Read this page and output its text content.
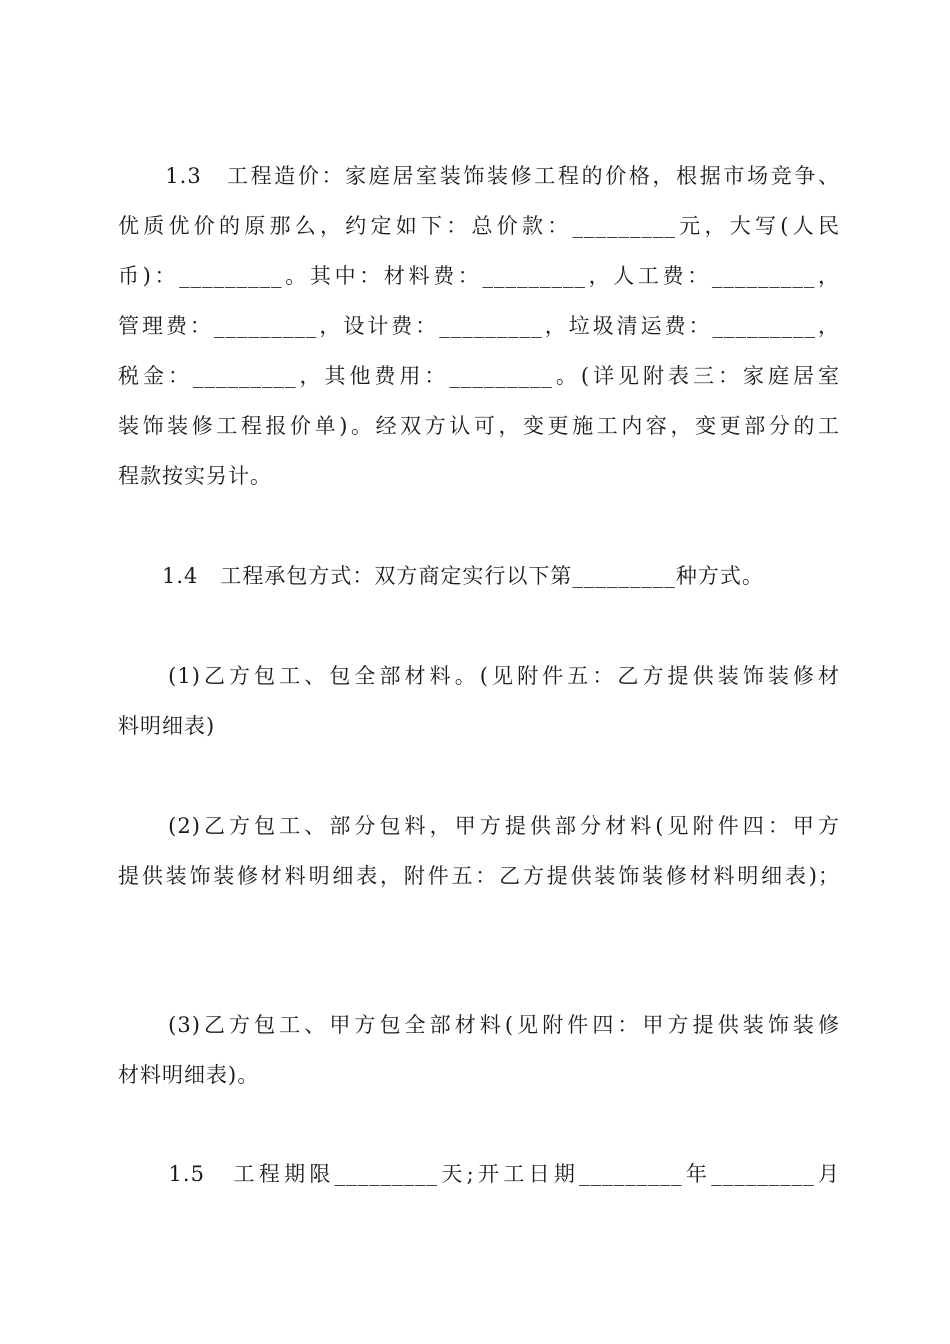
　　1.3　工程造价：家庭居室装饰装修工程的价格，根据市场竞争、
优质优价的原那么，约定如下：总价款：_________元，大写(人民
币)：_________。其中：材料费：_________，人工费：_________，
管理费：_________，设计费：_________，垃圾清运费：_________，
税金：_________，其他费用：_________。(详见附表三：家庭居室
装饰装修工程报价单)。经双方认可，变更施工内容，变更部分的工
程款按实另计。
　　1.4　工程承包方式：双方商定实行以下第_________种方式。
　　(1)乙方包工、包全部材料。(见附件五：乙方提供装饰装修材
料明细表)
　　(2)乙方包工、部分包料，甲方提供部分材料(见附件四：甲方
提供装饰装修材料明细表，附件五：乙方提供装饰装修材料明细表)；
　　(3)乙方包工、甲方包全部材料(见附件四：甲方提供装饰装修
材料明细表)。
　　1.5　工程期限_________天;开工日期_________年_________月
